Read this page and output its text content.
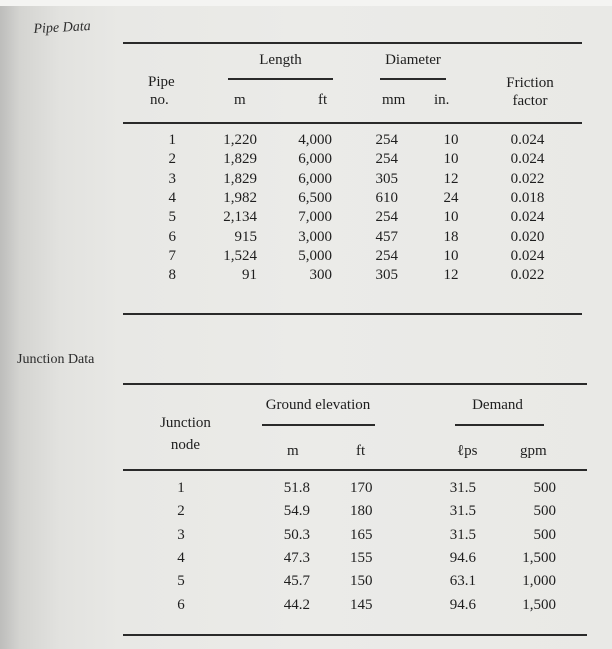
Pipe Data
Length	Diameter
Pipe
no.	m	ft	mm in.
Friction
factor
1	1,220	4,000	254	10	0.024
2	1,829	6,000	254	10	0.024
3	1,829	6,000	305	12	0.022
4	1,982	6,500	610	24	0.018
5	2,134	7,000	254	10	0.024
6	915	3,000	457	18	0.020
7	1,524	5,000	254	10	0.024
8	91	300	305	12	0.022
Junction Data
Ground elevation	Demand
Junction
node	m	ft	ℓps	gpm
1	51.8	170	31.5	500
2	54.9	180	31.5	500
3	50.3	165	31.5	500
4	47.3	155	94.6	1,500
5	45.7	150	63.1	1,000
6	44.2	145	94.6	1,500
